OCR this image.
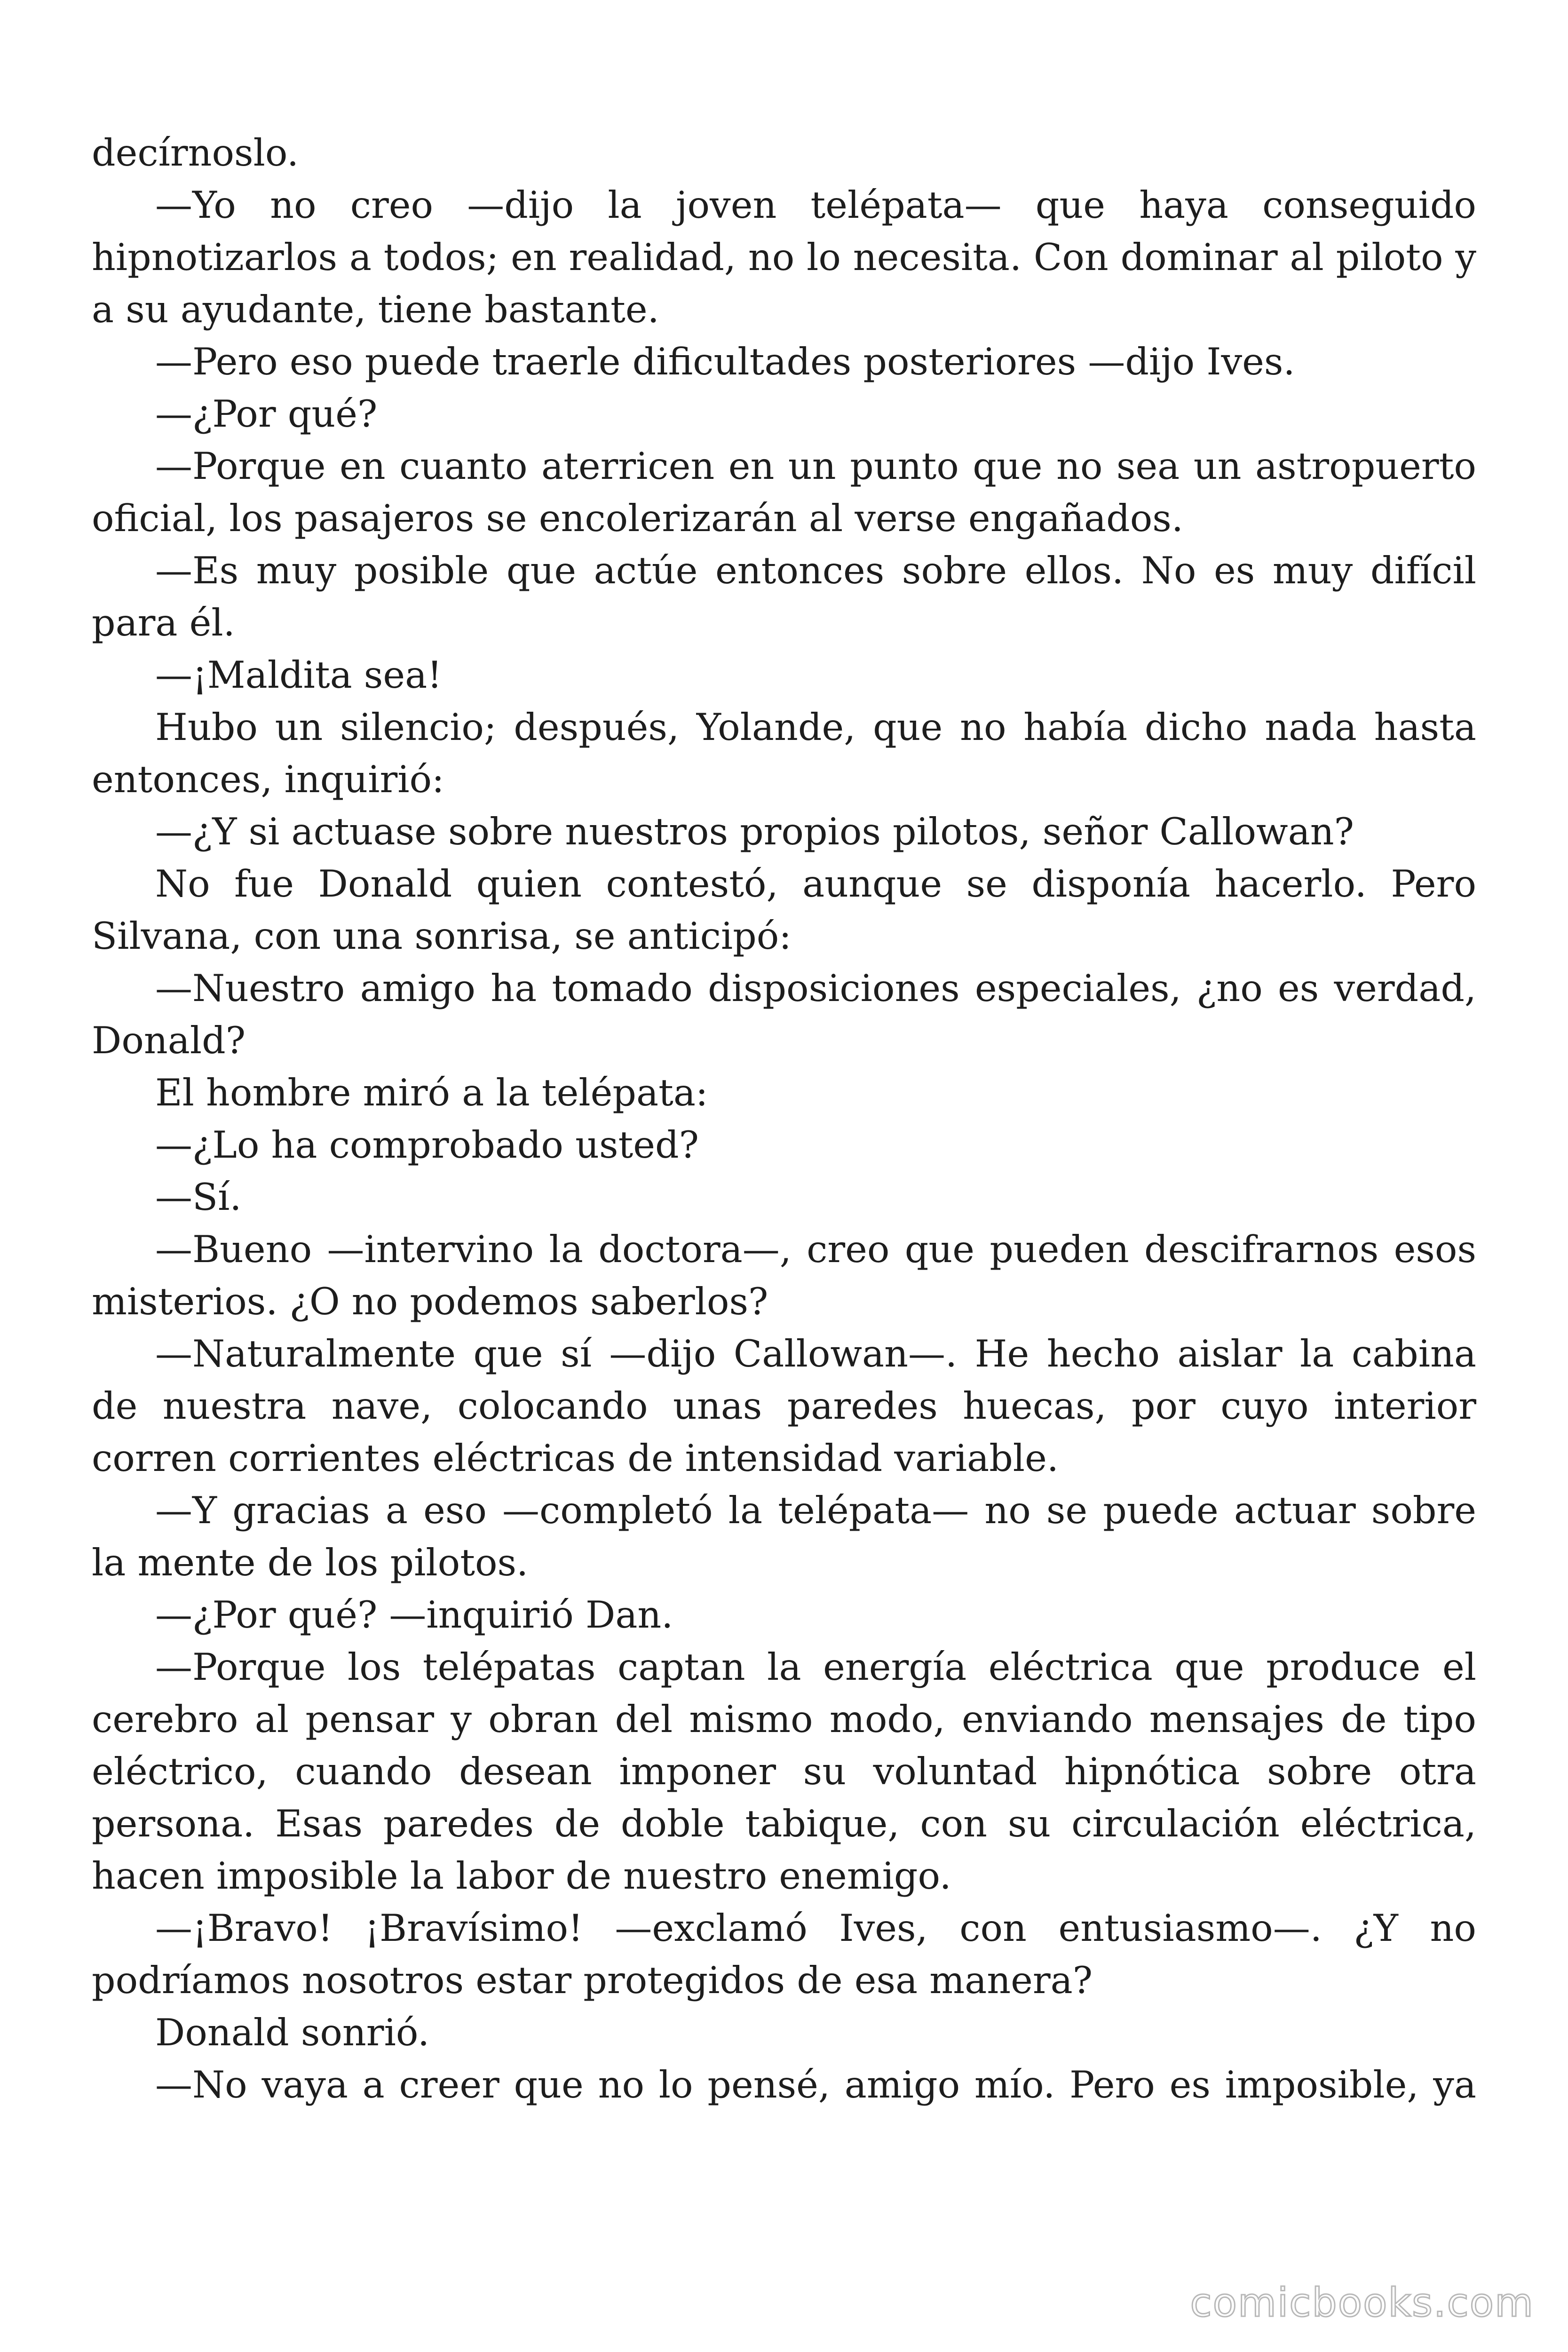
decírnoslo.

—Yo no creo —dijo la joven telépata— que haya conseguido hipnotizarlos a todos; en realidad, no lo necesita. Con dominar al piloto y a su ayudante, tiene bastante.

—Pero eso puede traerle dificultades posteriores —dijo Ives.

—¿Por qué?

—Porque en cuanto aterricen en un punto que no sea un astropuerto oficial, los pasajeros se encolerizarán al verse engañados.

—Es muy posible que actúe entonces sobre ellos. No es muy difícil para él.

—¡Maldita sea!

Hubo un silencio; después, Yolande, que no había dicho nada hasta entonces, inquirió:

—¿Y si actuase sobre nuestros propios pilotos, señor Callowan?

No fue Donald quien contestó, aunque se disponía hacerlo. Pero Silvana, con una sonrisa, se anticipó:

—Nuestro amigo ha tomado disposiciones especiales, ¿no es verdad, Donald?

El hombre miró a la telépata:

—¿Lo ha comprobado usted?

—Sí.

—Bueno —intervino la doctora—, creo que pueden descifrarnos esos misterios. ¿O no podemos saberlos?

—Naturalmente que sí —dijo Callowan—. He hecho aislar la cabina de nuestra nave, colocando unas paredes huecas, por cuyo interior corren corrientes eléctricas de intensidad variable.

—Y gracias a eso —completó la telépata— no se puede actuar sobre la mente de los pilotos.

—¿Por qué? —inquirió Dan.

—Porque los telépatas captan la energía eléctrica que produce el cerebro al pensar y obran del mismo modo, enviando mensajes de tipo eléctrico, cuando desean imponer su voluntad hipnótica sobre otra persona. Esas paredes de doble tabique, con su circulación eléctrica, hacen imposible la labor de nuestro enemigo.

—¡Bravo! ¡Bravísimo! —exclamó Ives, con entusiasmo—. ¿Y no podríamos nosotros estar protegidos de esa manera?

Donald sonrió.

—No vaya a creer que no lo pensé, amigo mío. Pero es imposible, ya

comicbooks.com
